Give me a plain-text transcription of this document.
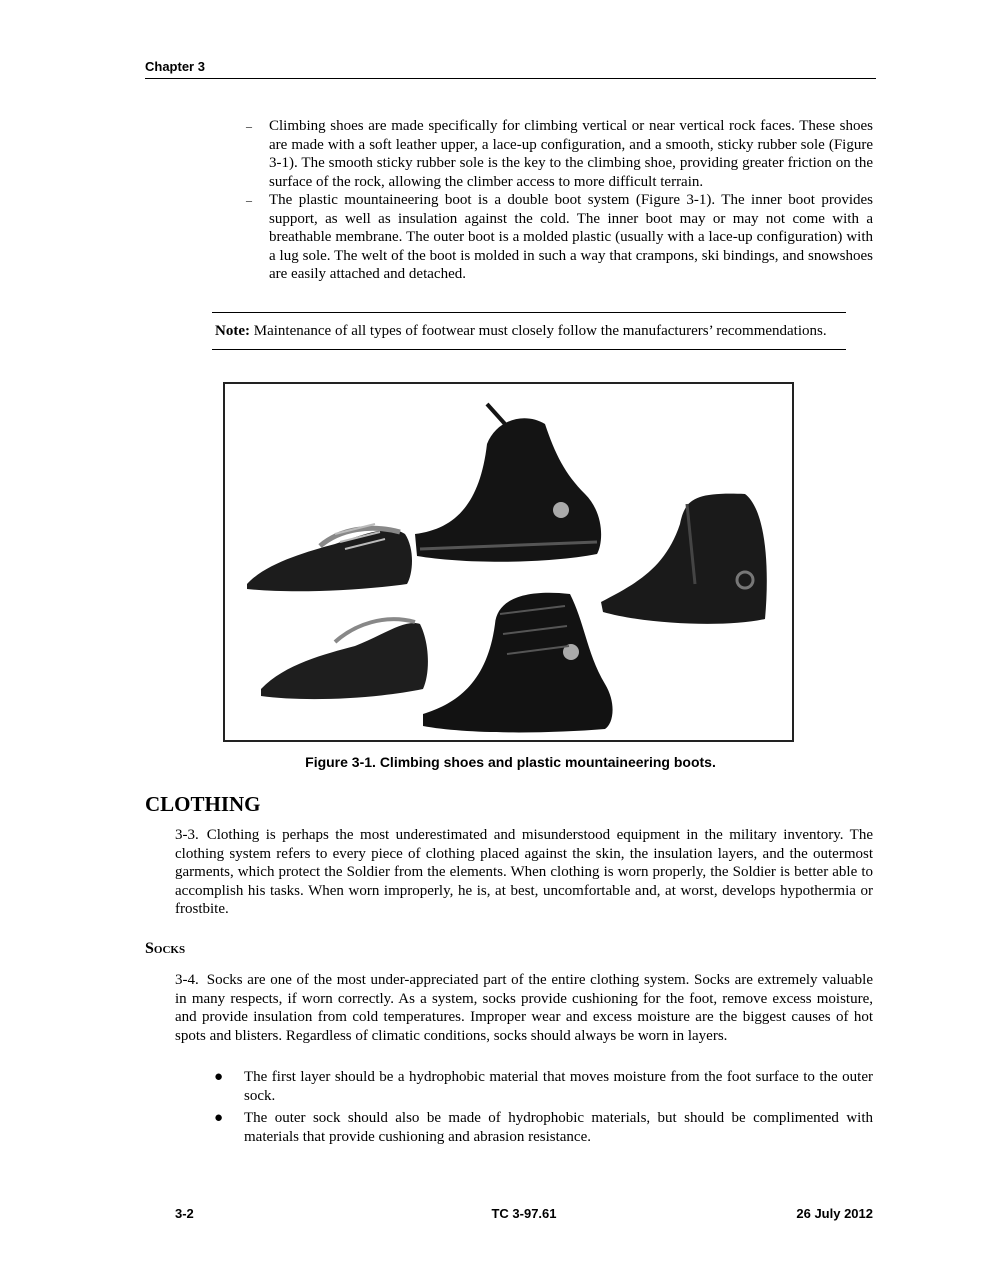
Chapter 3
– Climbing shoes are made specifically for climbing vertical or near vertical rock faces. These shoes are made with a soft leather upper, a lace-up configuration, and a smooth, sticky rubber sole (Figure 3-1). The smooth sticky rubber sole is the key to the climbing shoe, providing greater friction on the surface of the rock, allowing the climber access to more difficult terrain.
– The plastic mountaineering boot is a double boot system (Figure 3-1). The inner boot provides support, as well as insulation against the cold. The inner boot may or may not come with a breathable membrane. The outer boot is a molded plastic (usually with a lace-up configuration) with a lug sole. The welt of the boot is molded in such a way that crampons, ski bindings, and snowshoes are easily attached and detached.
Note: Maintenance of all types of footwear must closely follow the manufacturers’ recommendations.
Figure 3-1. Climbing shoes and plastic mountaineering boots.
CLOTHING
3-3. Clothing is perhaps the most underestimated and misunderstood equipment in the military inventory. The clothing system refers to every piece of clothing placed against the skin, the insulation layers, and the outermost garments, which protect the Soldier from the elements. When clothing is worn properly, the Soldier is better able to accomplish his tasks. When worn improperly, he is, at best, uncomfortable and, at worst, develops hypothermia or frostbite.
Socks
3-4. Socks are one of the most under-appreciated part of the entire clothing system. Socks are extremely valuable in many respects, if worn correctly. As a system, socks provide cushioning for the foot, remove excess moisture, and provide insulation from cold temperatures. Improper wear and excess moisture are the biggest causes of hot spots and blisters. Regardless of climatic conditions, socks should always be worn in layers.
● The first layer should be a hydrophobic material that moves moisture from the foot surface to the outer sock.
● The outer sock should also be made of hydrophobic materials, but should be complimented with materials that provide cushioning and abrasion resistance.
3-2	TC 3-97.61	26 July 2012
